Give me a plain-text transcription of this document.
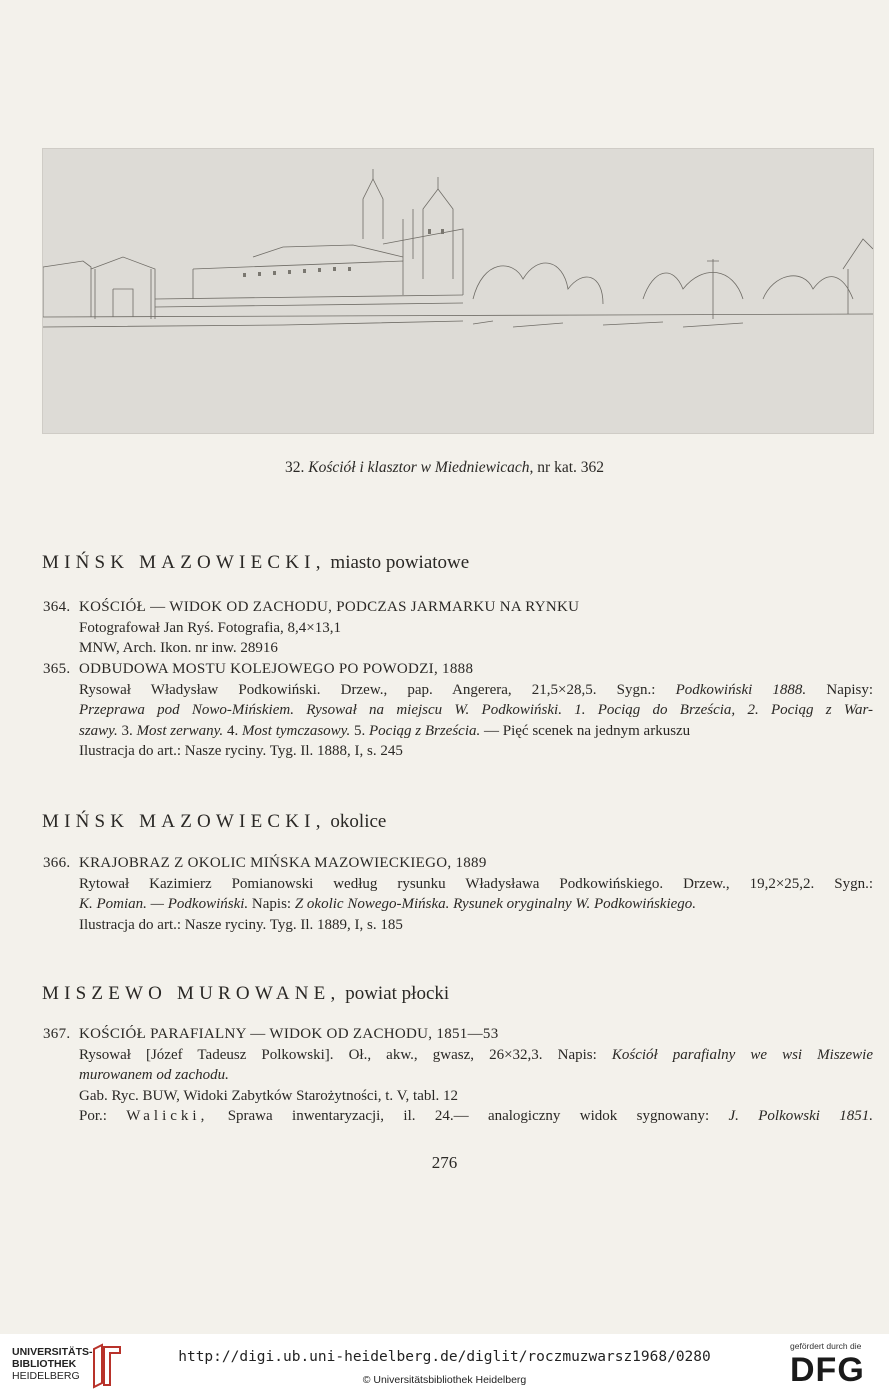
32. Kościół i klasztor w Miedniewicach, nr kat. 362
MIŃSK MAZOWIECKI, miasto powiatowe
364. KOŚCIÓŁ — WIDOK OD ZACHODU, PODCZAS JARMARKU NA RYNKU
Fotografował Jan Ryś. Fotografia, 8,4×13,1
MNW, Arch. Ikon. nr inw. 28916
365. ODBUDOWA MOSTU KOLEJOWEGO PO POWODZI, 1888
Rysował Władysław Podkowiński. Drzew., pap. Angerera, 21,5×28,5. Sygn.: Podkowiński 1888. Napisy:
Przeprawa pod Nowo-Mińskiem. Rysował na miejscu W. Podkowiński. 1. Pociąg do Brześcia, 2. Pociąg z War-
szawy. 3. Most zerwany. 4. Most tymczasowy. 5. Pociąg z Brześcia. — Pięć scenek na jednym arkuszu
Ilustracja do art.: Nasze ryciny. Tyg. Il. 1888, I, s. 245
MIŃSK MAZOWIECKI, okolice
366. KRAJOBRAZ Z OKOLIC MIŃSKA MAZOWIECKIEGO, 1889
Rytował Kazimierz Pomianowski według rysunku Władysława Podkowińskiego. Drzew., 19,2×25,2. Sygn.:
K. Pomian. — Podkowiński. Napis: Z okolic Nowego-Mińska. Rysunek oryginalny W. Podkowińskiego.
Ilustracja do art.: Nasze ryciny. Tyg. Il. 1889, I, s. 185
MISZEWO MUROWANE, powiat płocki
367. KOŚCIÓŁ PARAFIALNY — WIDOK OD ZACHODU, 1851—53
Rysował [Józef Tadeusz Polkowski]. Oł., akw., gwasz, 26×32,3. Napis: Kościół parafialny we wsi Miszewie
murowanem od zachodu.
Gab. Ryc. BUW, Widoki Zabytków Starożytności, t. V, tabl. 12
Por.: Walicki, Sprawa inwentaryzacji, il. 24.— analogiczny widok sygnowany: J. Polkowski 1851.
276
UNIVERSITÄTS-
BIBLIOTHEK
HEIDELBERG
http://digi.ub.uni-heidelberg.de/diglit/roczmuzwarsz1968/0280
© Universitätsbibliothek Heidelberg
gefördert durch die
DFG
